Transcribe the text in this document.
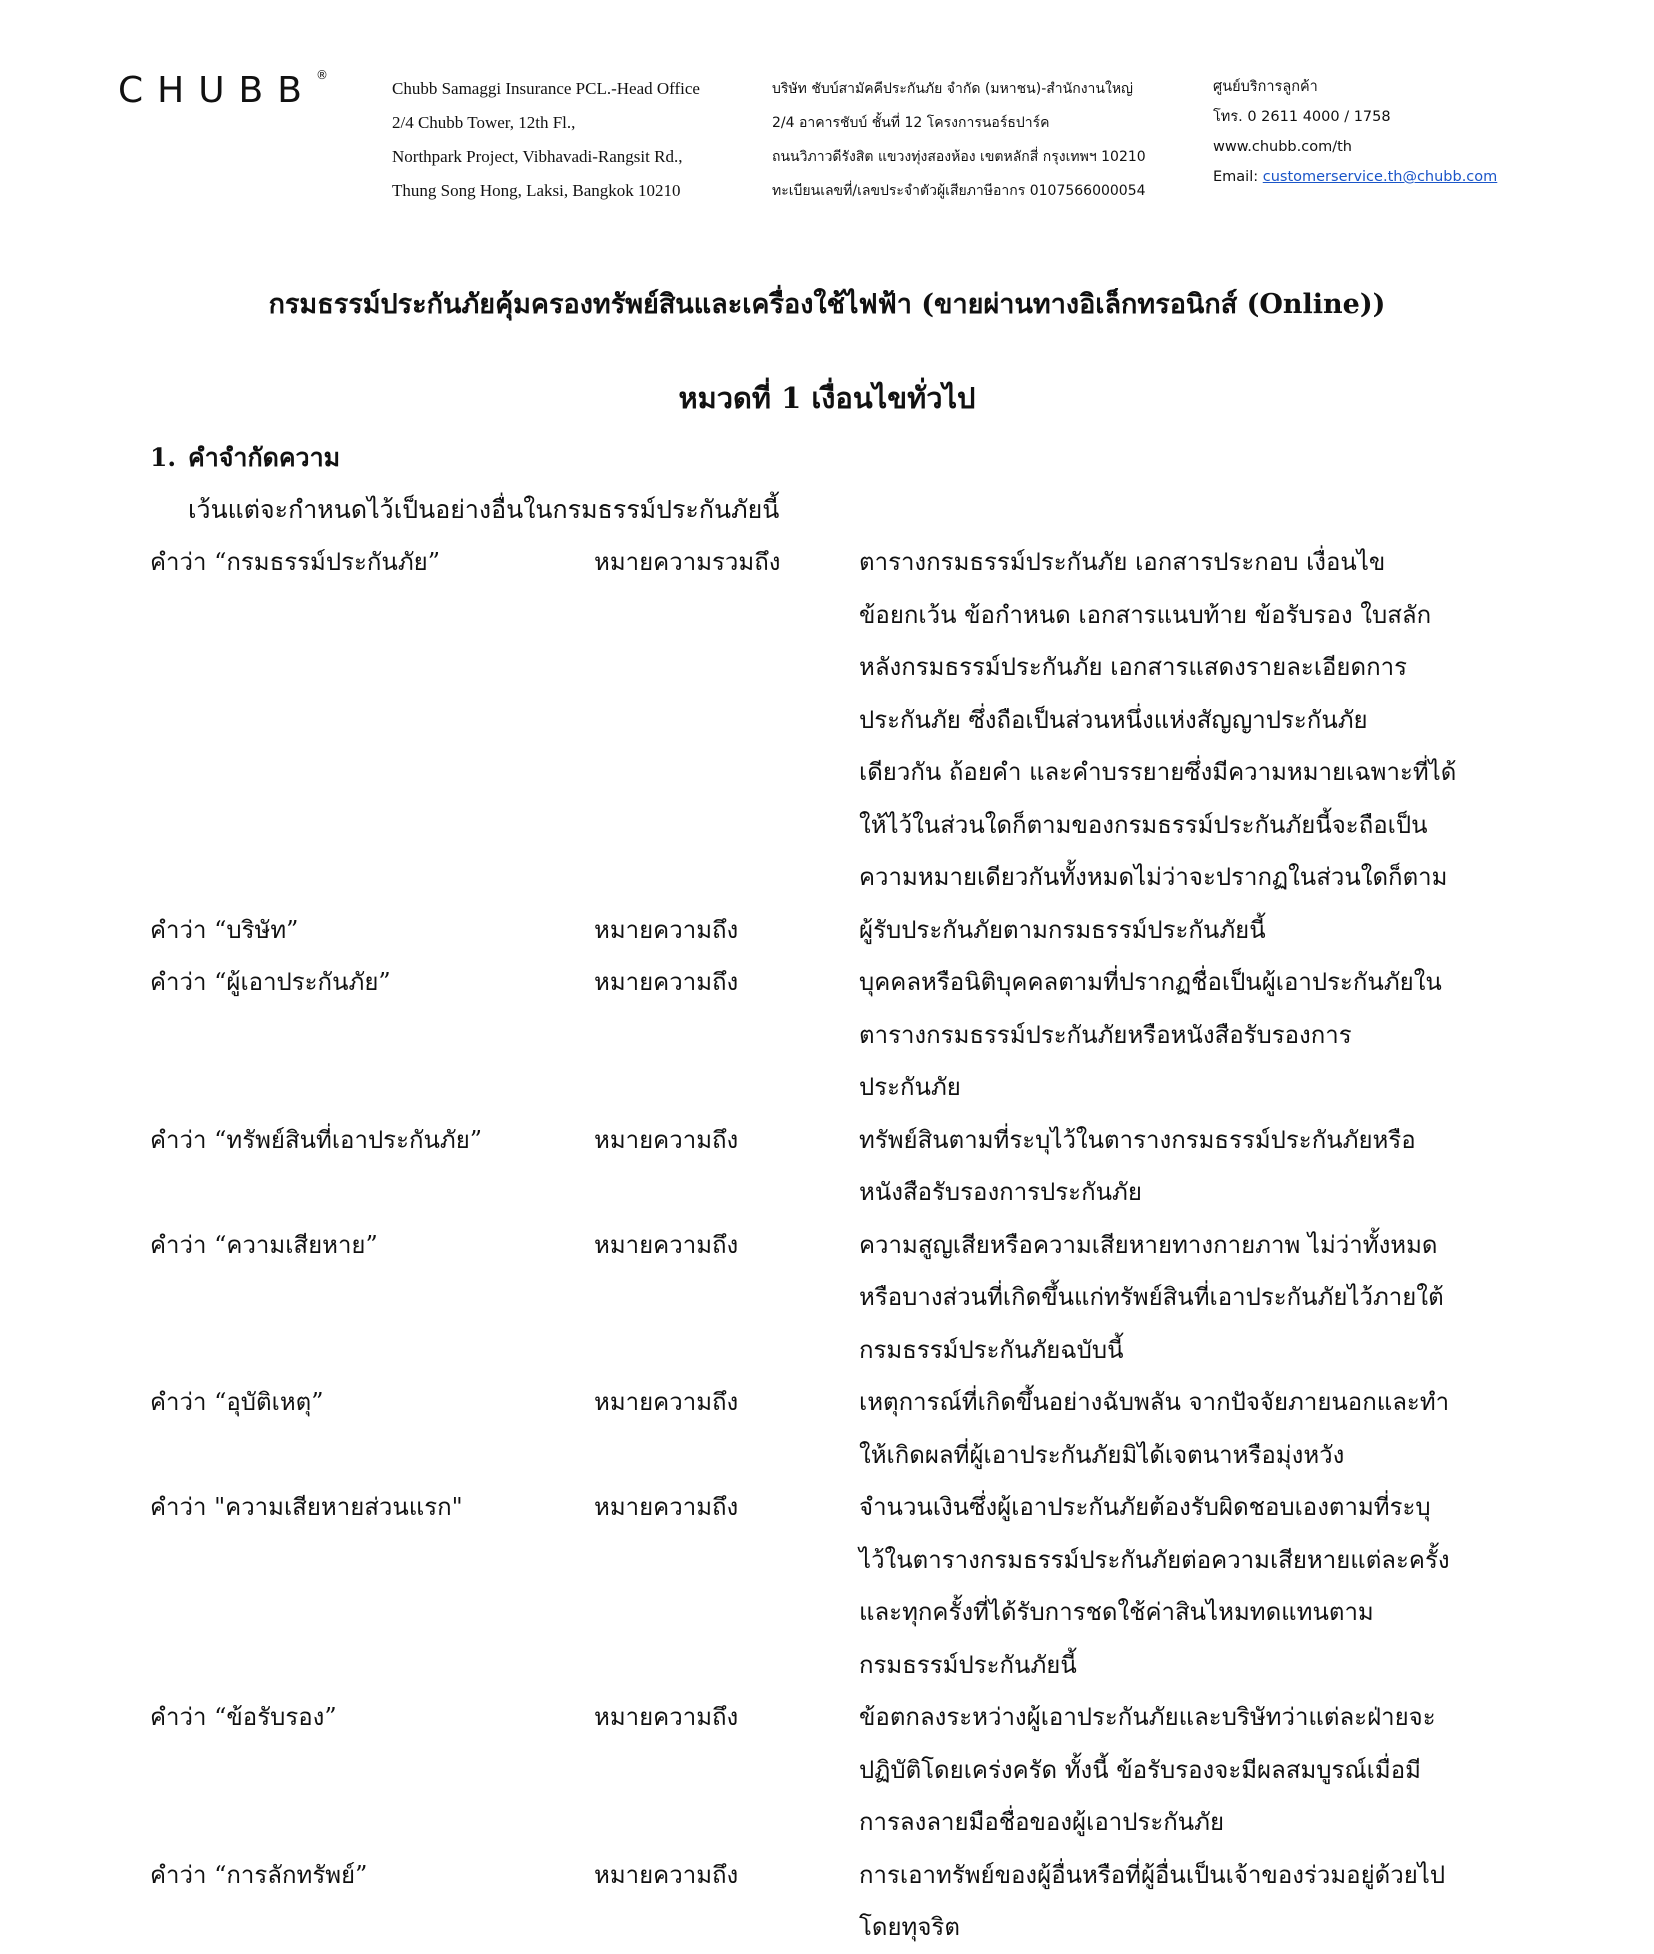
CHUBB®
Chubb Samaggi Insurance PCL.-Head Office
2/4 Chubb Tower, 12th Fl.,
Northpark Project, Vibhavadi-Rangsit Rd.,
Thung Song Hong, Laksi, Bangkok 10210
บริษัท ชับบ์สามัคคีประกันภัย จำกัด (มหาชน)-สำนักงานใหญ่
2/4 อาคารชับบ์ ชั้นที่ 12 โครงการนอร์ธปาร์ค
ถนนวิภาวดีรังสิต แขวงทุ่งสองห้อง เขตหลักสี่ กรุงเทพฯ 10210
ทะเบียนเลขที่/เลขประจำตัวผู้เสียภาษีอากร 0107566000054
ศูนย์บริการลูกค้า
โทร. 0 2611 4000 / 1758
www.chubb.com/th
Email: customerservice.th@chubb.com
กรมธรรม์ประกันภัยคุ้มครองทรัพย์สินและเครื่องใช้ไฟฟ้า (ขายผ่านทางอิเล็กทรอนิกส์ (Online))
หมวดที่ 1 เงื่อนไขทั่วไป
1. คำจำกัดความ
เว้นแต่จะกำหนดไว้เป็นอย่างอื่นในกรมธรรม์ประกันภัยนี้
คำว่า “กรมธรรม์ประกันภัย”	หมายความรวมถึง	ตารางกรมธรรม์ประกันภัย เอกสารประกอบ เงื่อนไข
ข้อยกเว้น ข้อกำหนด เอกสารแนบท้าย ข้อรับรอง ใบสลัก
หลังกรมธรรม์ประกันภัย เอกสารแสดงรายละเอียดการ
ประกันภัย ซึ่งถือเป็นส่วนหนึ่งแห่งสัญญาประกันภัย
เดียวกัน ถ้อยคำ และคำบรรยายซึ่งมีความหมายเฉพาะที่ได้
ให้ไว้ในส่วนใดก็ตามของกรมธรรม์ประกันภัยนี้จะถือเป็น
ความหมายเดียวกันทั้งหมดไม่ว่าจะปรากฏในส่วนใดก็ตาม
คำว่า “บริษัท”	หมายความถึง	ผู้รับประกันภัยตามกรมธรรม์ประกันภัยนี้
คำว่า “ผู้เอาประกันภัย”	หมายความถึง	บุคคลหรือนิติบุคคลตามที่ปรากฏชื่อเป็นผู้เอาประกันภัยใน
ตารางกรมธรรม์ประกันภัยหรือหนังสือรับรองการ
ประกันภัย
คำว่า “ทรัพย์สินที่เอาประกันภัย”	หมายความถึง	ทรัพย์สินตามที่ระบุไว้ในตารางกรมธรรม์ประกันภัยหรือ
หนังสือรับรองการประกันภัย
คำว่า “ความเสียหาย”	หมายความถึง	ความสูญเสียหรือความเสียหายทางกายภาพ ไม่ว่าทั้งหมด
หรือบางส่วนที่เกิดขึ้นแก่ทรัพย์สินที่เอาประกันภัยไว้ภายใต้
กรมธรรม์ประกันภัยฉบับนี้
คำว่า “อุบัติเหตุ”	หมายความถึง	เหตุการณ์ที่เกิดขึ้นอย่างฉับพลัน จากปัจจัยภายนอกและทำ
ให้เกิดผลที่ผู้เอาประกันภัยมิได้เจตนาหรือมุ่งหวัง
คำว่า "ความเสียหายส่วนแรก"	หมายความถึง	จำนวนเงินซึ่งผู้เอาประกันภัยต้องรับผิดชอบเองตามที่ระบุ
ไว้ในตารางกรมธรรม์ประกันภัยต่อความเสียหายแต่ละครั้ง
และทุกครั้งที่ได้รับการชดใช้ค่าสินไหมทดแทนตาม
กรมธรรม์ประกันภัยนี้
คำว่า “ข้อรับรอง”	หมายความถึง	ข้อตกลงระหว่างผู้เอาประกันภัยและบริษัทว่าแต่ละฝ่ายจะ
ปฏิบัติโดยเคร่งครัด ทั้งนี้ ข้อรับรองจะมีผลสมบูรณ์เมื่อมี
การลงลายมือชื่อของผู้เอาประกันภัย
คำว่า “การลักทรัพย์”	หมายความถึง	การเอาทรัพย์ของผู้อื่นหรือที่ผู้อื่นเป็นเจ้าของร่วมอยู่ด้วยไป
โดยทุจริต
